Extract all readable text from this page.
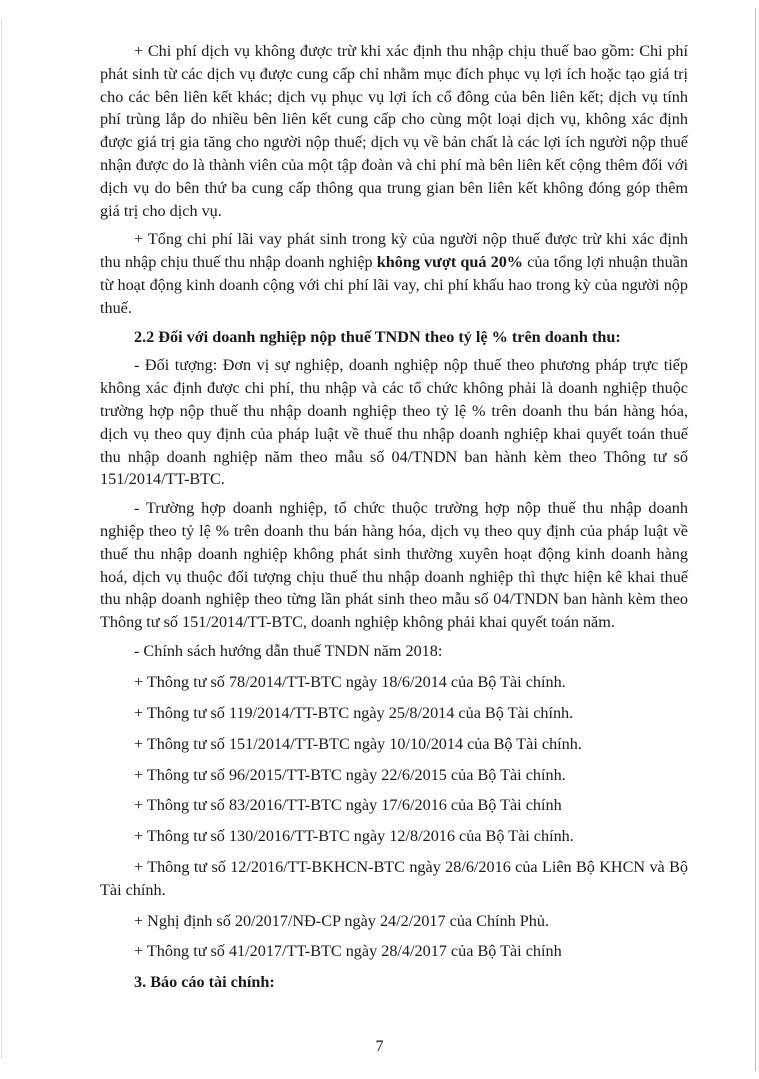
+ Chi phí dịch vụ không được trừ khi xác định thu nhập chịu thuế bao gồm: Chi phí phát sinh từ các dịch vụ được cung cấp chỉ nhằm mục đích phục vụ lợi ích hoặc tạo giá trị cho các bên liên kết khác; dịch vụ phục vụ lợi ích cổ đông của bên liên kết; dịch vụ tính phí trùng lắp do nhiều bên liên kết cung cấp cho cùng một loại dịch vụ, không xác định được giá trị gia tăng cho người nộp thuế; dịch vụ về bản chất là các lợi ích người nộp thuế nhận được do là thành viên của một tập đoàn và chi phí mà bên liên kết cộng thêm đối với dịch vụ do bên thứ ba cung cấp thông qua trung gian bên liên kết không đóng góp thêm giá trị cho dịch vụ.

+ Tổng chi phí lãi vay phát sinh trong kỳ của người nộp thuế được trừ khi xác định thu nhập chịu thuế thu nhập doanh nghiệp không vượt quá 20% của tổng lợi nhuận thuần từ hoạt động kinh doanh cộng với chi phí lãi vay, chi phí khấu hao trong kỳ của người nộp thuế.

2.2 Đối với doanh nghiệp nộp thuế TNDN theo tỷ lệ % trên doanh thu:

- Đối tượng: Đơn vị sự nghiệp, doanh nghiệp nộp thuế theo phương pháp trực tiếp không xác định được chi phí, thu nhập và các tổ chức không phải là doanh nghiệp thuộc trường hợp nộp thuế thu nhập doanh nghiệp theo tỷ lệ % trên doanh thu bán hàng hóa, dịch vụ theo quy định của pháp luật về thuế thu nhập doanh nghiệp khai quyết toán thuế thu nhập doanh nghiệp năm theo mẫu số 04/TNDN ban hành kèm theo Thông tư số 151/2014/TT-BTC.

- Trường hợp doanh nghiệp, tổ chức thuộc trường hợp nộp thuế thu nhập doanh nghiệp theo tỷ lệ % trên doanh thu bán hàng hóa, dịch vụ theo quy định của pháp luật về thuế thu nhập doanh nghiệp không phát sinh thường xuyên hoạt động kinh doanh hàng hoá, dịch vụ thuộc đối tượng chịu thuế thu nhập doanh nghiệp thì thực hiện kê khai thuế thu nhập doanh nghiệp theo từng lần phát sinh theo mẫu số 04/TNDN ban hành kèm theo Thông tư số 151/2014/TT-BTC, doanh nghiệp không phải khai quyết toán năm.

- Chính sách hướng dẫn thuế TNDN năm 2018:

+ Thông tư số 78/2014/TT-BTC ngày 18/6/2014 của Bộ Tài chính.

+ Thông tư số 119/2014/TT-BTC ngày 25/8/2014 của Bộ Tài chính.

+ Thông tư số 151/2014/TT-BTC ngày 10/10/2014 của Bộ Tài chính.

+ Thông tư số 96/2015/TT-BTC ngày 22/6/2015 của Bộ Tài chính.

+ Thông tư số 83/2016/TT-BTC ngày 17/6/2016 của Bộ Tài chính

+ Thông tư số 130/2016/TT-BTC ngày 12/8/2016 của Bộ Tài chính.

+ Thông tư số 12/2016/TT-BKHCN-BTC ngày 28/6/2016 của Liên Bộ KHCN và Bộ Tài chính.

+ Nghị định số 20/2017/NĐ-CP ngày 24/2/2017 của Chính Phủ.

+ Thông tư số 41/2017/TT-BTC ngày 28/4/2017 của Bộ Tài chính

3. Báo cáo tài chính:

7
